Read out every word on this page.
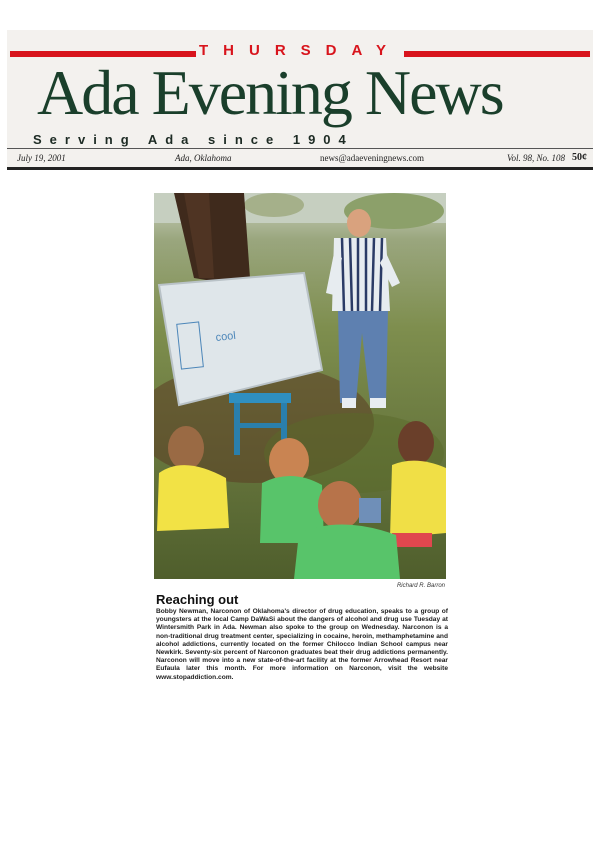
THURSDAY
Ada Evening News
Serving Ada since 1904
July 19, 2001	Ada, Oklahoma	news@adaeveningnews.com	Vol. 98, No. 108 50¢
cool
Richard R. Barron
Reaching out
Bobby Newman, Narconon of Oklahoma's director of drug education, speaks to a group of youngsters at the local Camp DaWaSi about the dangers of alcohol and drug use Tuesday at Wintersmith Park in Ada. Newman also spoke to the group on Wednesday. Narconon is a non-traditional drug treatment center, specializing in cocaine, heroin, methamphetamine and alcohol addictions, currently located on the former Chilocco Indian School campus near Newkirk. Seventy-six percent of Narconon graduates beat their drug addictions permanently. Narconon will move into a new state-of-the-art facility at the former Arrowhead Resort near Eufaula later this month. For more information on Narconon, visit the website www.stopaddiction.com.
